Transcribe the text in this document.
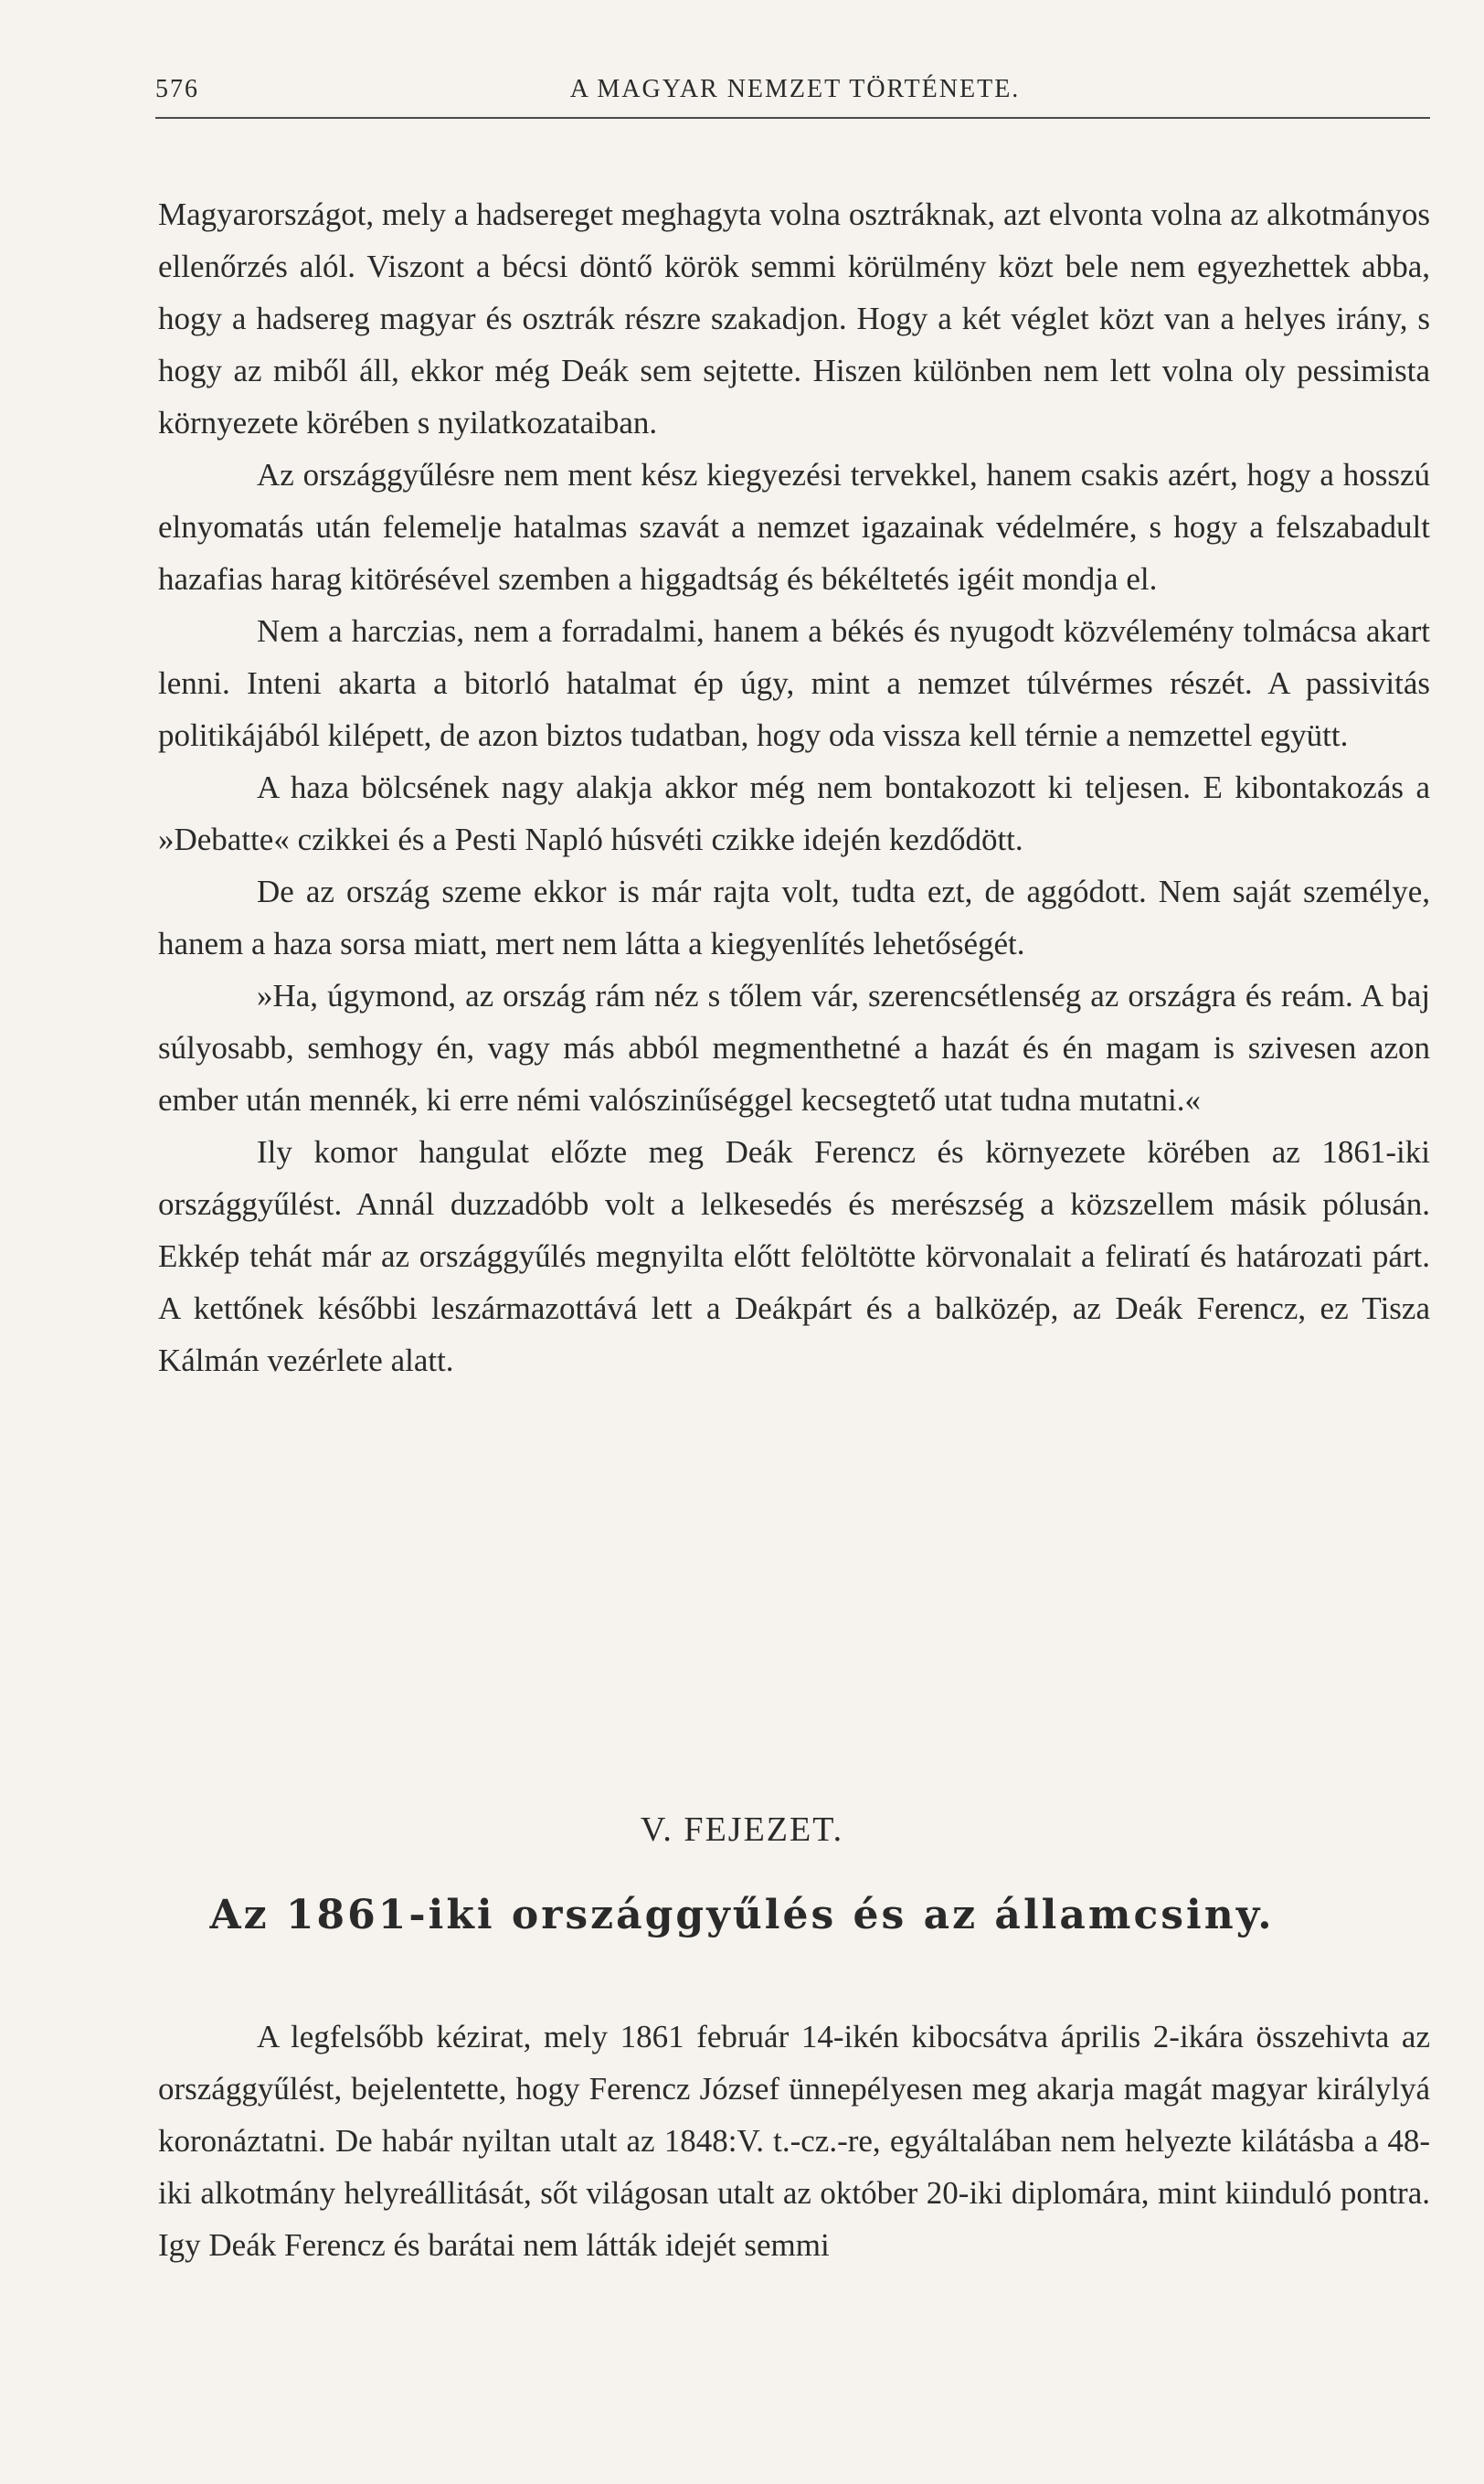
576	A MAGYAR NEMZET TÖRTÉNETE.

Magyarországot, mely a hadsereget meghagyta volna osztráknak, azt elvonta volna az alkotmányos ellenőrzés alól. Viszont a bécsi döntő körök semmi körülmény közt bele nem egyezhettek abba, hogy a hadsereg magyar és osztrák részre szakadjon. Hogy a két véglet közt van a helyes irány, s hogy az miből áll, ekkor még Deák sem sejtette. Hiszen különben nem lett volna oly pessimista környezete körében s nyilatkozataiban.

Az országgyűlésre nem ment kész kiegyezési tervekkel, hanem csakis azért, hogy a hosszú elnyomatás után felemelje hatalmas szavát a nemzet igazainak védelmére, s hogy a felszabadult hazafias harag kitörésével szemben a higgadtság és békéltetés igéit mondja el.

Nem a harczias, nem a forradalmi, hanem a békés és nyugodt közvélemény tolmácsa akart lenni. Inteni akarta a bitorló hatalmat ép úgy, mint a nemzet túlvérmes részét. A passivitás politikájából kilépett, de azon biztos tudatban, hogy oda vissza kell térnie a nemzettel együtt.

A haza bölcsének nagy alakja akkor még nem bontakozott ki teljesen. E kibontakozás a »Debatte« czikkei és a Pesti Napló húsvéti czikke idején kezdődött.

De az ország szeme ekkor is már rajta volt, tudta ezt, de aggódott. Nem saját személye, hanem a haza sorsa miatt, mert nem látta a kiegyenlítés lehetőségét.

»Ha, úgymond, az ország rám néz s tőlem vár, szerencsétlenség az országra és reám. A baj súlyosabb, semhogy én, vagy más abból megmenthetné a hazát és én magam is szivesen azon ember után mennék, ki erre némi valószinűséggel kecsegtető utat tudna mutatni.«

Ily komor hangulat előzte meg Deák Ferencz és környezete körében az 1861-iki országgyűlést. Annál duzzadóbb volt a lelkesedés és merészség a közszellem másik pólusán. Ekkép tehát már az országgyűlés megnyilta előtt felöltötte körvonalait a feliratí és határozati párt. A kettőnek későbbi leszármazottává lett a Deákpárt és a balközép, az Deák Ferencz, ez Tisza Kálmán vezérlete alatt.

V. FEJEZET.
Az 1861-iki országgyűlés és az államcsiny.

A legfelsőbb kézirat, mely 1861 február 14-ikén kibocsátva április 2-ikára összehivta az országgyűlést, bejelentette, hogy Ferencz József ünnepélyesen meg akarja magát magyar királylyá koronáztatni. De habár nyiltan utalt az 1848:V. t.-cz.-re, egyáltalában nem helyezte kilátásba a 48-iki alkotmány helyreállitását, sőt világosan utalt az október 20-iki diplomára, mint kiinduló pontra. Igy Deák Ferencz és barátai nem látták idejét semmi
